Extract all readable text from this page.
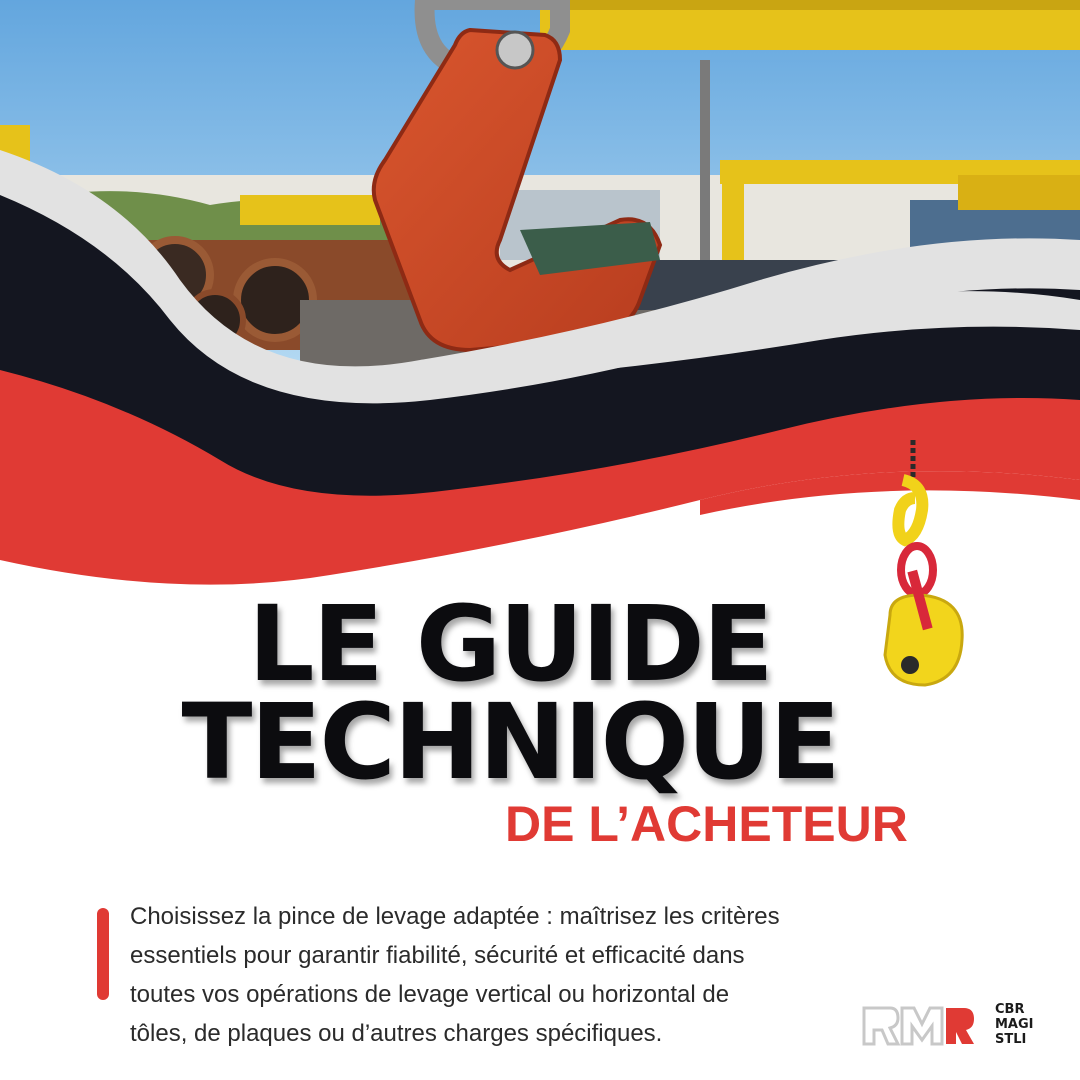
LE GUIDE
TECHNIQUE
DE L’ACHETEUR
Choisissez la pince de levage adaptée : maîtrisez les critères
essentiels pour garantir fiabilité, sécurité et efficacité dans
toutes vos opérations de levage vertical ou horizontal de
tôles, de plaques ou d’autres charges spécifiques.
CBR
MAGI
STLI
